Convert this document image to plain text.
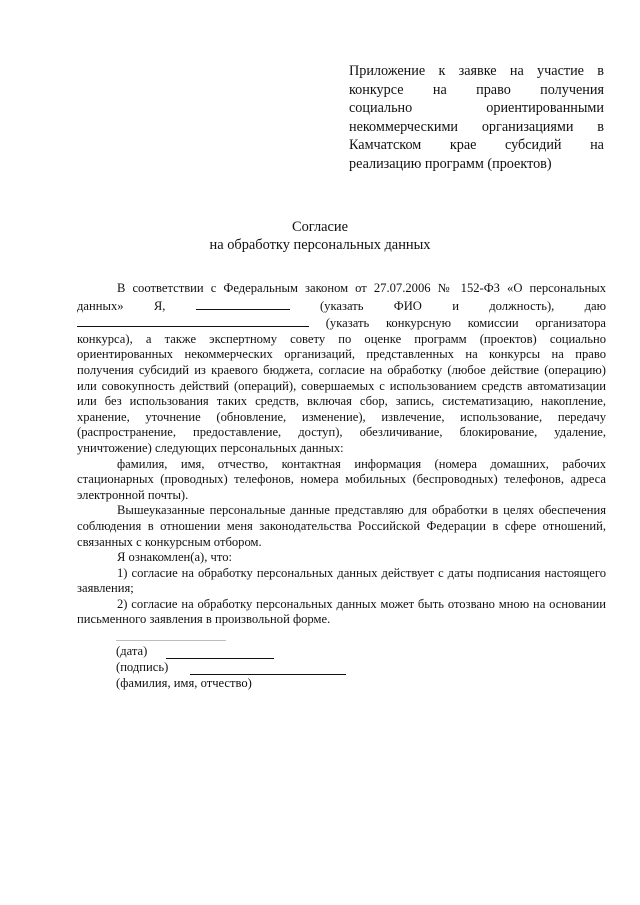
Приложение к заявке на участие в
конкурсе на право получения
социально	ориентированными
некоммерческими организациями в
Камчатском крае субсидий на
реализацию программ (проектов)
Согласие
на обработку персональных данных

В соответствии с Федеральным законом от 27.07.2006 № 152-ФЗ «О персональных данных» Я,	(указать ФИО и должность), даю  (указать конкурсную комиссии организатора конкурса), а также экспертному совету по оценке программ (проектов) социально ориентированных некоммерческих организаций, представленных на конкурсы на право получения субсидий из краевого бюджета, согласие на обработку (любое действие (операцию) или совокупность действий (операций), совершаемых с использованием средств автоматизации или без использования таких средств, включая сбор, запись, систематизацию, накопление, хранение, уточнение (обновление, изменение), извлечение, использование, передачу (распространение, предоставление, доступ), обезличивание, блокирование, удаление, уничтожение) следующих персональных данных:

фамилия, имя, отчество, контактная информация (номера домашних, рабочих стационарных (проводных) телефонов, номера мобильных (беспроводных) телефонов, адреса электронной почты).

Вышеуказанные персональные данные представляю для обработки в целях обеспечения соблюдения в отношении меня законодательства Российской Федерации в сфере отношений, связанных с конкурсным отбором.

Я ознакомлен(а), что:

1) согласие на обработку персональных данных действует с даты подписания настоящего заявления;

2) согласие на обработку персональных данных может быть отозвано мною на основании письменного заявления в произвольной форме.

(дата)
(подпись)
(фамилия, имя, отчество)
